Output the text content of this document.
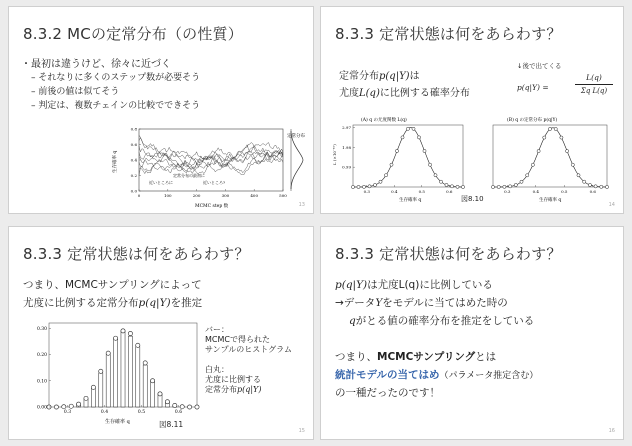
8.3.2 MCの定常分布（の性質）
・最初は違うけど、徐々に近づく
– それなりに多くのステップ数が必要そう
– 前後の値は似てそう
– 判定は、複数チェインの比較でできそう
0.8
0.6
0.4
0.2
0.0
0	100	200	300	400	500
定常分布
MCMC step 数
生存確率 q
定常分布の最初に
近いところに	近いところ?
13
8.3.3 定常状態は何をあらわす？
定常分布p(q|Y)は
尤度L(q)に比例する確率分布
↓後で出てくる
p(q|Y) =
L(q)
Σq L(q)
(A) q の尤度関数 L(q)
2.97
1.98
0.99
0.3	0.4	0.5	0.6
生存確率 q
L (×10⁻¹⁰)
(B) q の定常分布 p(q|Y)
0.3	0.4	0.5	0.6
生存確率 q
図8.10
14
8.3.3 定常状態は何をあらわす？
つまり、MCMCサンプリングによって
尤度に比例する定常分布p(q|Y)を推定
0.30
0.20
0.10
0.00
0.3	0.4	0.5	0.6
生存確率 q
バー：
MCMCで得られた
サンプルのヒストグラム
白丸：
尤度に比例する
定常分布p(q|Y)
図8.11
15
8.3.3 定常状態は何をあらわす？
p(q|Y)は尤度L(q)に比例している
→データYをモデルに当てはめた時の
qがとる値の確率分布を推定をしている
つまり、MCMCサンプリングとは
統計モデルの当てはめ（パラメータ推定含む）
の一種だったのです！
16
